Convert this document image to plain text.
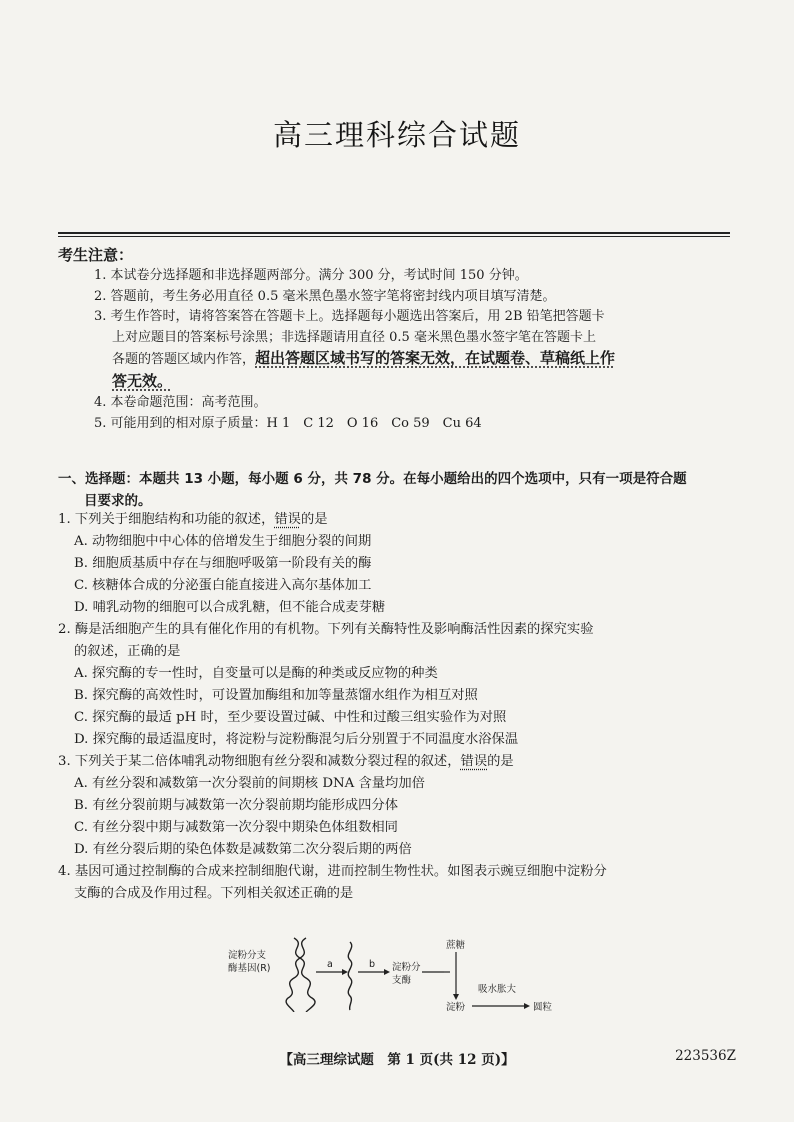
高三理科综合试题
考生注意：

1. 本试卷分选择题和非选择题两部分。满分 300 分，考试时间 150 分钟。

2. 答题前，考生务必用直径 0.5 毫米黑色墨水签字笔将密封线内项目填写清楚。

3. 考生作答时，请将答案答在答题卡上。选择题每小题选出答案后，用 2B 铅笔把答题卡

上对应题目的答案标号涂黑；非选择题请用直径 0.5 毫米黑色墨水签字笔在答题卡上

各题的答题区域内作答，超出答题区域书写的答案无效，在试题卷、草稿纸上作

答无效。

4. 本卷命题范围：高考范围。

5. 可能用到的相对原子质量：H 1　C 12　O 16　Co 59　Cu 64

一、选择题：本题共 13 小题，每小题 6 分，共 78 分。在每小题给出的四个选项中，只有一项是符合题
目要求的。

1. 下列关于细胞结构和功能的叙述，错误的是

A. 动物细胞中中心体的倍增发生于细胞分裂的间期

B. 细胞质基质中存在与细胞呼吸第一阶段有关的酶

C. 核糖体合成的分泌蛋白能直接进入高尔基体加工

D. 哺乳动物的细胞可以合成乳糖，但不能合成麦芽糖

2. 酶是活细胞产生的具有催化作用的有机物。下列有关酶特性及影响酶活性因素的探究实验
的叙述，正确的是

A. 探究酶的专一性时，自变量可以是酶的种类或反应物的种类

B. 探究酶的高效性时，可设置加酶组和加等量蒸馏水组作为相互对照

C. 探究酶的最适 pH 时，至少要设置过碱、中性和过酸三组实验作为对照

D. 探究酶的最适温度时，将淀粉与淀粉酶混匀后分别置于不同温度水浴保温

3. 下列关于某二倍体哺乳动物细胞有丝分裂和减数分裂过程的叙述，错误的是

A. 有丝分裂和减数第一次分裂前的间期核 DNA 含量均加倍

B. 有丝分裂前期与减数第一次分裂前期均能形成四分体

C. 有丝分裂中期与减数第一次分裂中期染色体组数相同

D. 有丝分裂后期的染色体数是减数第二次分裂后期的两倍

4. 基因可通过控制酶的合成来控制细胞代谢，进而控制生物性状。如图表示豌豆细胞中淀粉分
支酶的合成及作用过程。下列相关叙述正确的是

淀粉分支
酶基因(R)	a	b 淀粉分
支酶
蔗糖
淀粉
吸水胀大
圆粒
【高三理综试题　第 1 页(共 12 页)】	223536Z
